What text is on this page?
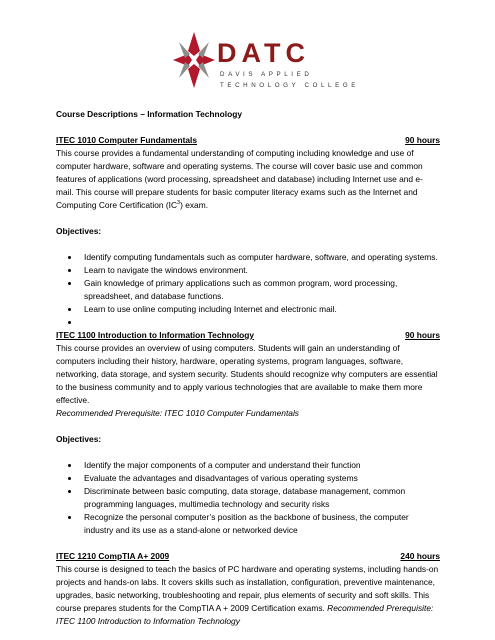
DATC
DAVIS APPLIED
TECHNOLOGY COLLEGE

Course Descriptions – Information Technology

ITEC 1010 Computer Fundamentals	90 hours

This course provides a fundamental understanding of computing including knowledge and use of computer hardware, software and operating systems. The course will cover basic use and common features of applications (word processing, spreadsheet and database) including Internet use and e-mail. This course will prepare students for basic computer literacy exams such as the Internet and Computing Core Certification $(IC^3)$ exam.

Objectives:

• Identify computing fundamentals such as computer hardware, software, and operating systems.
• Learn to navigate the windows environment.
• Gain knowledge of primary applications such as common program, word processing, spreadsheet, and database functions.
• Learn to use online computing including Internet and electronic mail.
•
ITEC 1100 Introduction to Information Technology	90 hours

This course provides an overview of using computers. Students will gain an understanding of computers including their history, hardware, operating systems, program languages, software, networking, data storage, and system security. Students should recognize why computers are essential to the business community and to apply various technologies that are available to make them more effective.

Recommended Prerequisite: ITEC 1010 Computer Fundamentals

Objectives:

• Identify the major components of a computer and understand their function
• Evaluate the advantages and disadvantages of various operating systems
• Discriminate between basic computing, data storage, database management, common programming languages, multimedia technology and security risks
• Recognize the personal computer’s position as the backbone of business, the computer industry and its use as a stand-alone or networked device
ITEC 1210 CompTIA A+ 2009	240 hours

This course is designed to teach the basics of PC hardware and operating systems, including hands-on projects and hands-on labs. It covers skills such as installation, configuration, preventive maintenance, upgrades, basic networking, troubleshooting and repair, plus elements of security and soft skills. This course prepares students for the CompTIA A + 2009 Certification exams. Recommended Prerequisite: ITEC 1100 Introduction to Information Technology
